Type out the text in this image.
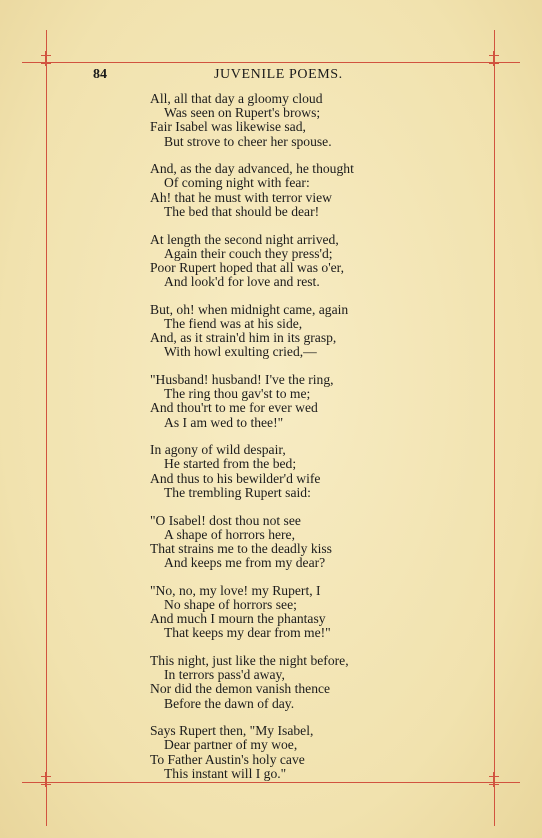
84	JUVENILE POEMS.
All, all that day a gloomy cloud
Was seen on Rupert's brows;
Fair Isabel was likewise sad,
But strove to cheer her spouse.
And, as the day advanced, he thought
Of coming night with fear:
Ah! that he must with terror view
The bed that should be dear!
At length the second night arrived,
Again their couch they press'd;
Poor Rupert hoped that all was o'er,
And look'd for love and rest.
But, oh! when midnight came, again
The fiend was at his side,
And, as it strain'd him in its grasp,
With howl exulting cried,—
"Husband! husband! I've the ring,
The ring thou gav'st to me;
And thou'rt to me for ever wed
As I am wed to thee!"
In agony of wild despair,
He started from the bed;
And thus to his bewilder'd wife
The trembling Rupert said:
"O Isabel! dost thou not see
A shape of horrors here,
That strains me to the deadly kiss
And keeps me from my dear?
"No, no, my love! my Rupert, I
No shape of horrors see;
And much I mourn the phantasy
That keeps my dear from me!"
This night, just like the night before,
In terrors pass'd away,
Nor did the demon vanish thence
Before the dawn of day.
Says Rupert then, "My Isabel,
Dear partner of my woe,
To Father Austin's holy cave
This instant will I go."
